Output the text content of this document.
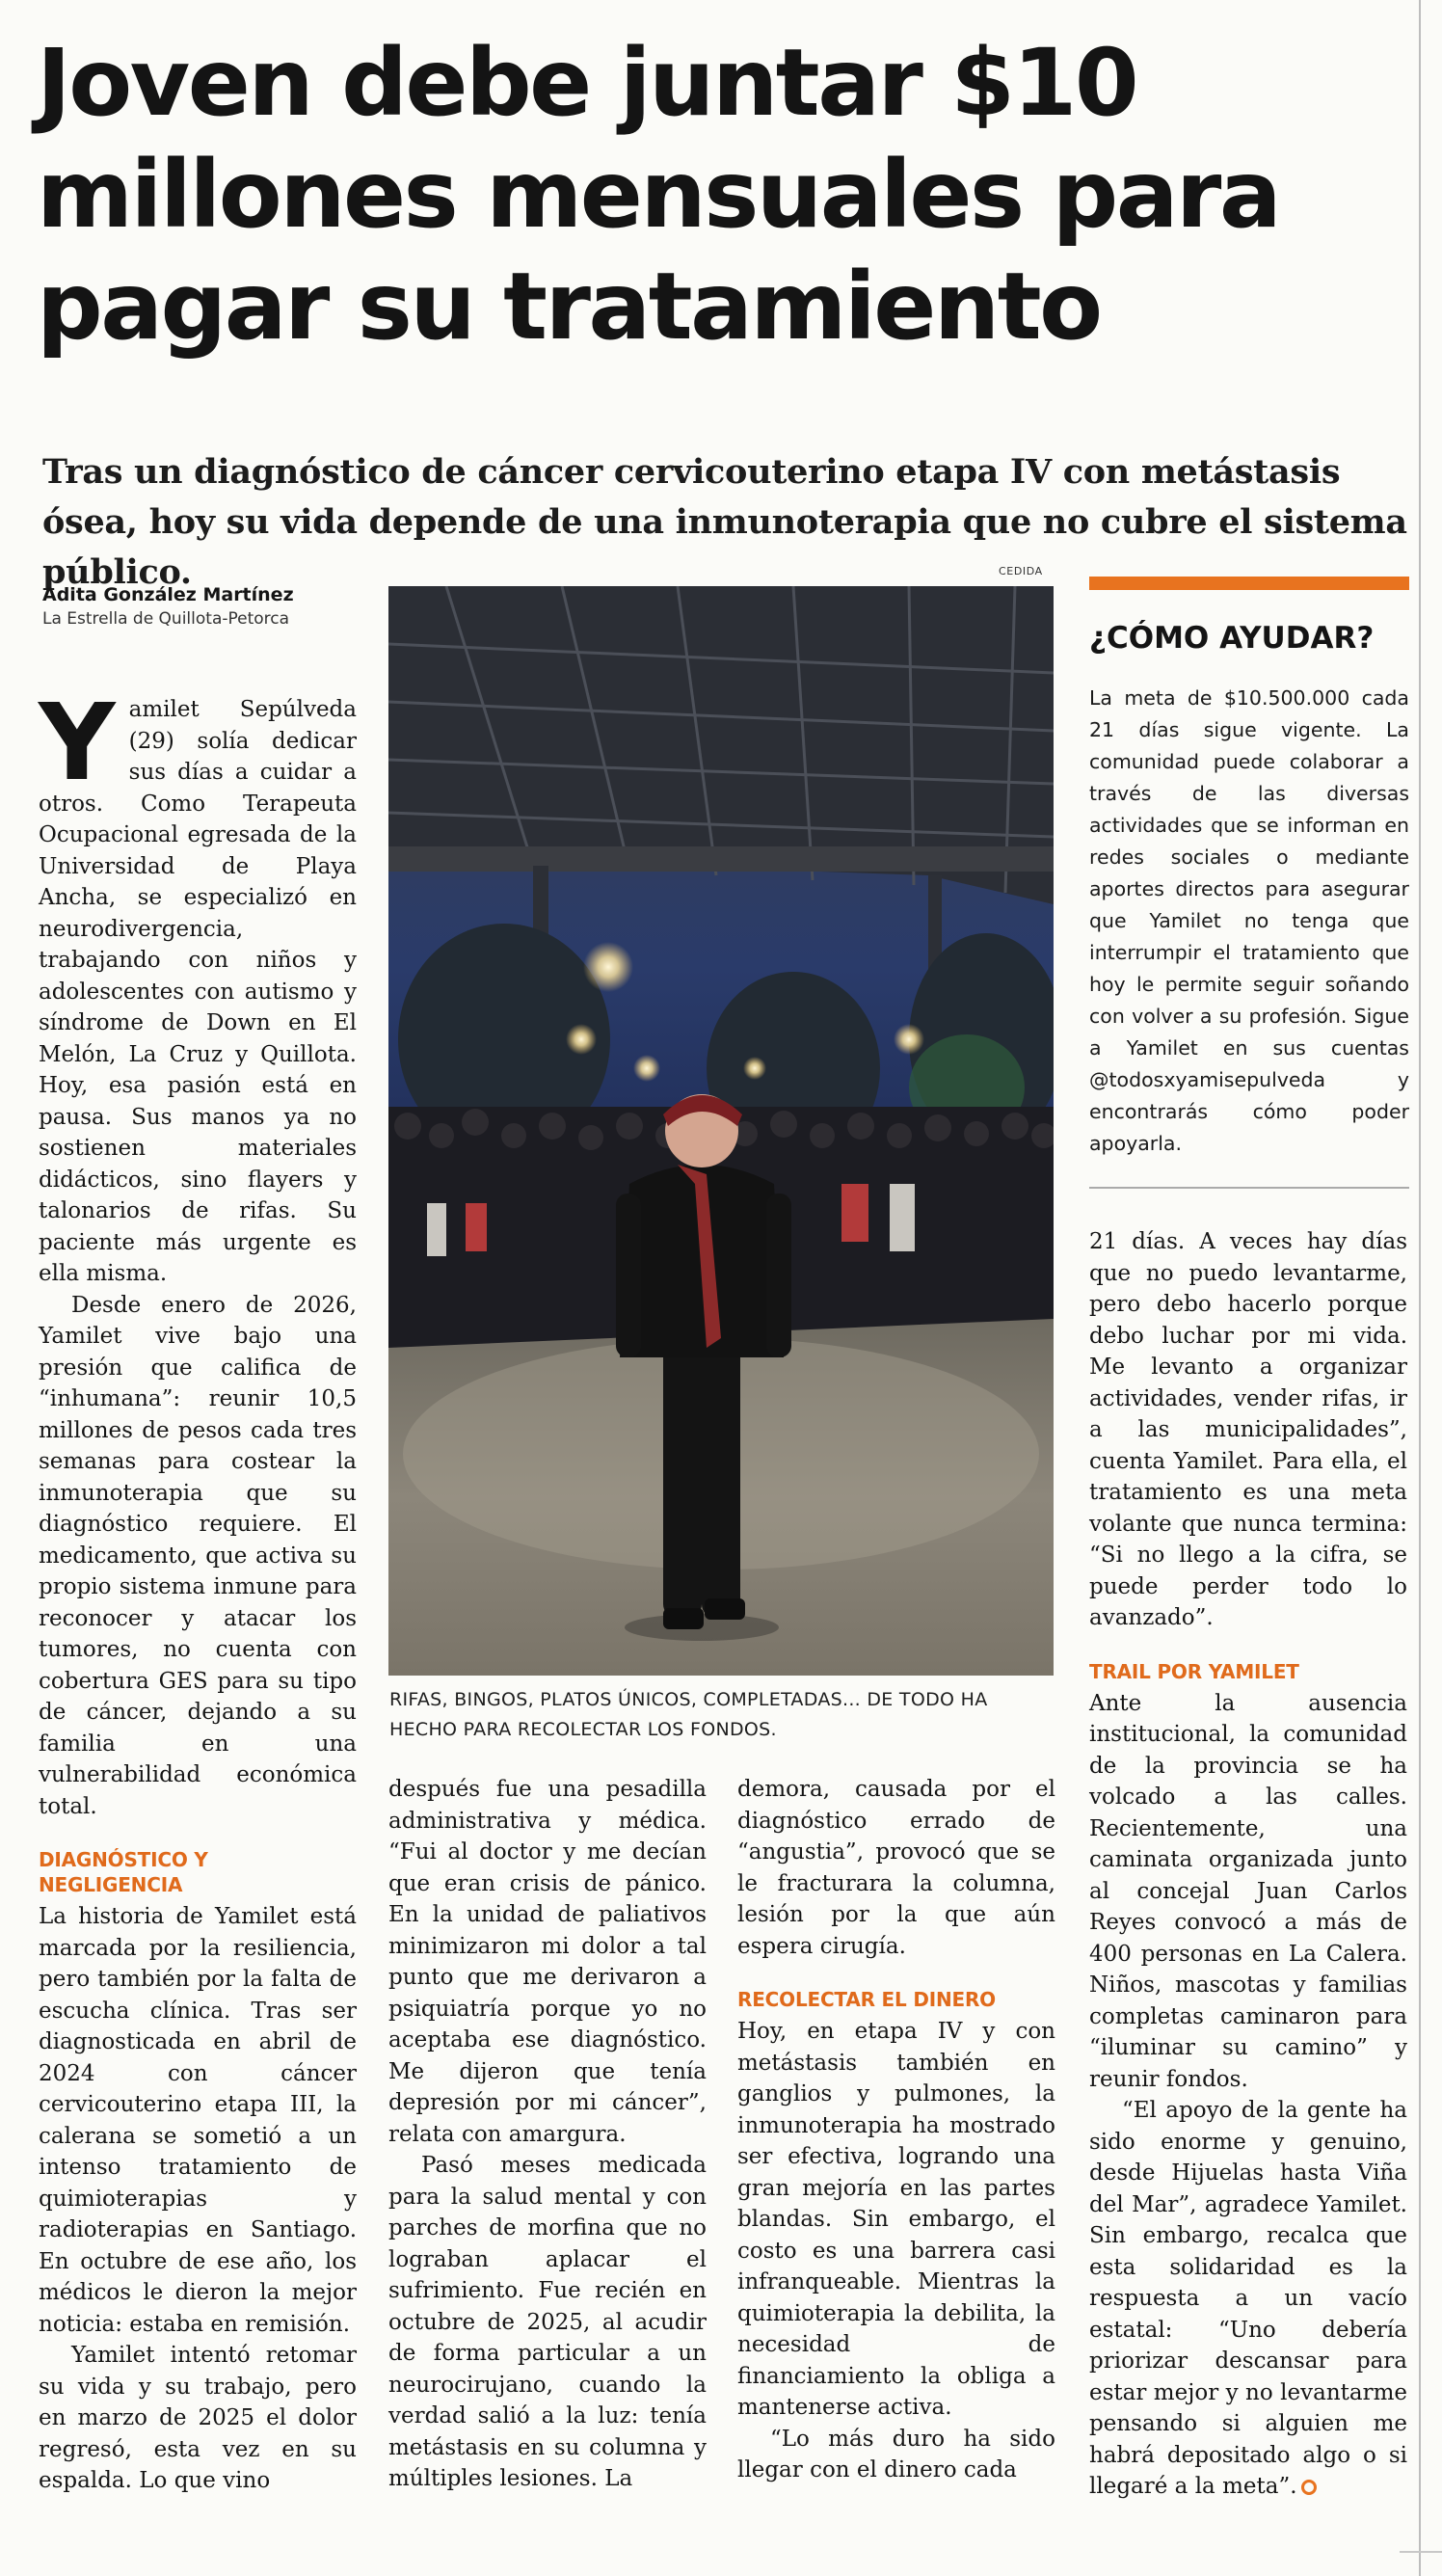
Joven debe juntar $10 millones mensuales para pagar su tratamiento
Tras un diagnóstico de cáncer cervicouterino etapa IV con metástasis ósea, hoy su vida depende de una inmunoterapia que no cubre el sistema público.
Adita González Martínez
La Estrella de Quillota-Petorca
CEDIDA
RIFAS, BINGOS, PLATOS ÚNICOS, COMPLETADAS... DE TODO HA HECHO PARA RECOLECTAR LOS FONDOS.

Yamilet Sepúlveda (29) solía dedicar sus días a cuidar a otros. Como Terapeuta Ocupacional egresada de la Universidad de Playa Ancha, se especializó en neurodivergencia, trabajando con niños y adolescentes con autismo y síndrome de Down en El Melón, La Cruz y Quillota. Hoy, esa pasión está en pausa. Sus manos ya no sostienen materiales didácticos, sino flayers y talonarios de rifas. Su paciente más urgente es ella misma.

Desde enero de 2026, Yamilet vive bajo una presión que califica de “inhumana”: reunir 10,5 millones de pesos cada tres semanas para costear la inmunoterapia que su diagnóstico requiere. El medicamento, que activa su propio sistema inmune para reconocer y atacar los tumores, no cuenta con cobertura GES para su tipo de cáncer, dejando a su familia en una vulnerabilidad económica total.

DIAGNÓSTICO Y NEGLIGENCIA

La historia de Yamilet está marcada por la resiliencia, pero también por la falta de escucha clínica. Tras ser diagnosticada en abril de 2024 con cáncer cervicouterino etapa III, la calerana se sometió a un intenso tratamiento de quimioterapias y radioterapias en Santiago. En octubre de ese año, los médicos le dieron la mejor noticia: estaba en remisión.

Yamilet intentó retomar su vida y su trabajo, pero en marzo de 2025 el dolor regresó, esta vez en su espalda. Lo que vino

después fue una pesadilla administrativa y médica. “Fui al doctor y me decían que eran crisis de pánico. En la unidad de paliativos minimizaron mi dolor a tal punto que me derivaron a psiquiatría porque yo no aceptaba ese diagnóstico. Me dijeron que tenía depresión por mi cáncer”, relata con amargura.

Pasó meses medicada para la salud mental y con parches de morfina que no lograban aplacar el sufrimiento. Fue recién en octubre de 2025, al acudir de forma particular a un neurocirujano, cuando la verdad salió a la luz: tenía metástasis en su columna y múltiples lesiones. La

demora, causada por el diagnóstico errado de “angustia”, provocó que se le fracturara la columna, lesión por la que aún espera cirugía.

RECOLECTAR EL DINERO

Hoy, en etapa IV y con metástasis también en ganglios y pulmones, la inmunoterapia ha mostrado ser efectiva, logrando una gran mejoría en las partes blandas. Sin embargo, el costo es una barrera casi infranqueable. Mientras la quimioterapia la debilita, la necesidad de financiamiento la obliga a mantenerse activa.

“Lo más duro ha sido llegar con el dinero cada

¿CÓMO AYUDAR?
La meta de $10.500.000 cada 21 días sigue vigente. La comunidad puede colaborar a través de las diversas actividades que se informan en redes sociales o mediante aportes directos para asegurar que Yamilet no tenga que interrumpir el tratamiento que hoy le permite seguir soñando con volver a su profesión. Sigue a Yamilet en sus cuentas @todosxyamisepulveda y encontrarás cómo poder apoyarla.

21 días. A veces hay días que no puedo levantarme, pero debo hacerlo porque debo luchar por mi vida. Me levanto a organizar actividades, vender rifas, ir a las municipalidades”, cuenta Yamilet. Para ella, el tratamiento es una meta volante que nunca termina: “Si no llego a la cifra, se puede perder todo lo avanzado”.

TRAIL POR YAMILET

Ante la ausencia institucional, la comunidad de la provincia se ha volcado a las calles. Recientemente, una caminata organizada junto al concejal Juan Carlos Reyes convocó a más de 400 personas en La Calera. Niños, mascotas y familias completas caminaron para “iluminar su camino” y reunir fondos.

“El apoyo de la gente ha sido enorme y genuino, desde Hijuelas hasta Viña del Mar”, agradece Yamilet. Sin embargo, recalca que esta solidaridad es la respuesta a un vacío estatal: “Uno debería priorizar descansar para estar mejor y no levantarme pensando si alguien me habrá depositado algo o si llegaré a la meta”.
